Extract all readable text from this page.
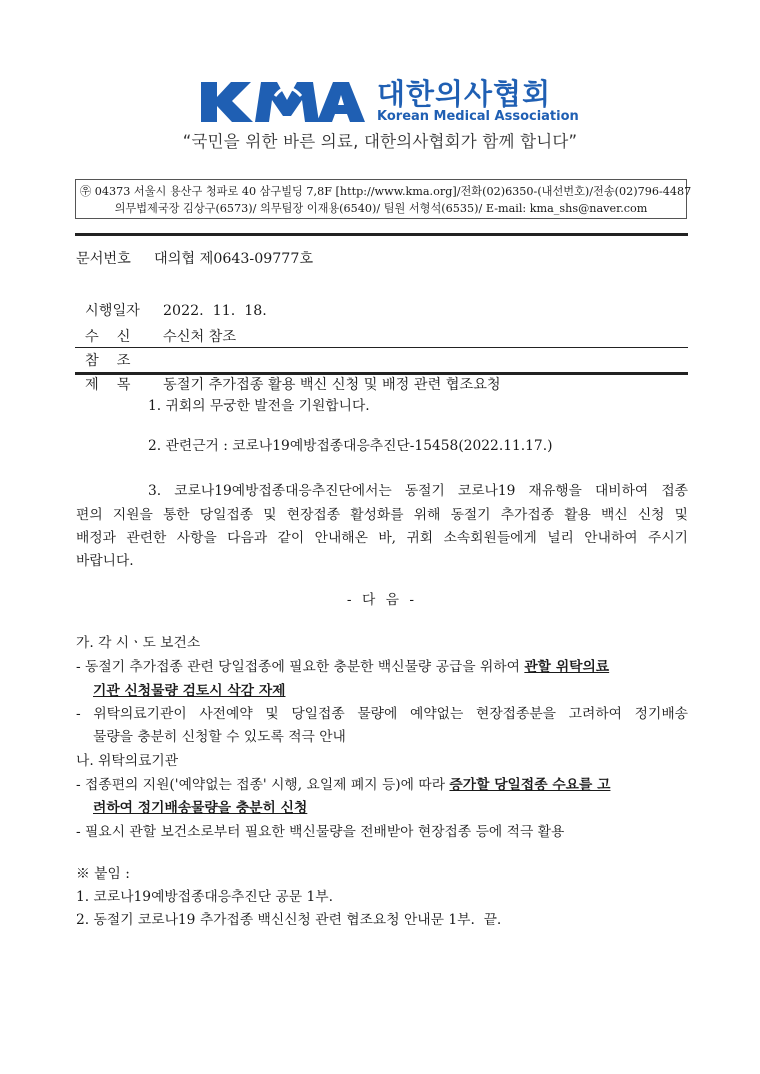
대한의사협회
Korean Medical Association
“국민을 위한 바른 의료, 대한의사협회가 함께 합니다”
㉾ 04373 서울시 용산구 청파로 40 삼구빌딩 7,8F [http://www.kma.org]/전화(02)6350-(내선번호)/전송(02)796-4487
의무법제국장 김상구(6573)/ 의무팀장 이재용(6540)/ 팀원 서형석(6535)/ E-mail: kma_shs@naver.com
문서번호 대의협 제0643-09777호

시행일자 2022.  11.  18.

수    신 수신처 참조

참    조

제    목 동절기 추가접종 활용 백신 신청 및 배정 관련 협조요청

1. 귀회의 무궁한 발전을 기원합니다.
2. 관련근거 : 코로나19예방접종대응추진단-15458(2022.11.17.)
3. 코로나19예방접종대응추진단에서는 동절기 코로나19 재유행을 대비하여 접종
편의 지원을 통한 당일접종 및 현장접종 활성화를 위해 동절기 추가접종 활용 백신 신청 및
배정과 관련한 사항을 다음과 같이 안내해온 바, 귀회 소속회원들에게 널리 안내하여 주시기
바랍니다.
- 다 음 -
가. 각 시ㆍ도 보건소
- 동절기 추가접종 관련 당일접종에 필요한 충분한 백신물량 공급을 위하여 관할 위탁의료
기관 신청물량 검토시 삭감 자제
- 위탁의료기관이 사전예약 및 당일접종 물량에 예약없는 현장접종분을 고려하여 정기배송
물량을 충분히 신청할 수 있도록 적극 안내
나. 위탁의료기관
- 접종편의 지원('예약없는 접종' 시행, 요일제 폐지 등)에 따라 증가할 당일접종 수요를 고
려하여 정기배송물량을 충분히 신청
- 필요시 관할 보건소로부터 필요한 백신물량을 전배받아 현장접종 등에 적극 활용
※ 붙임 :
1. 코로나19예방접종대응추진단 공문 1부.
2. 동절기 코로나19 추가접종 백신신청 관련 협조요청 안내문 1부.  끝.
